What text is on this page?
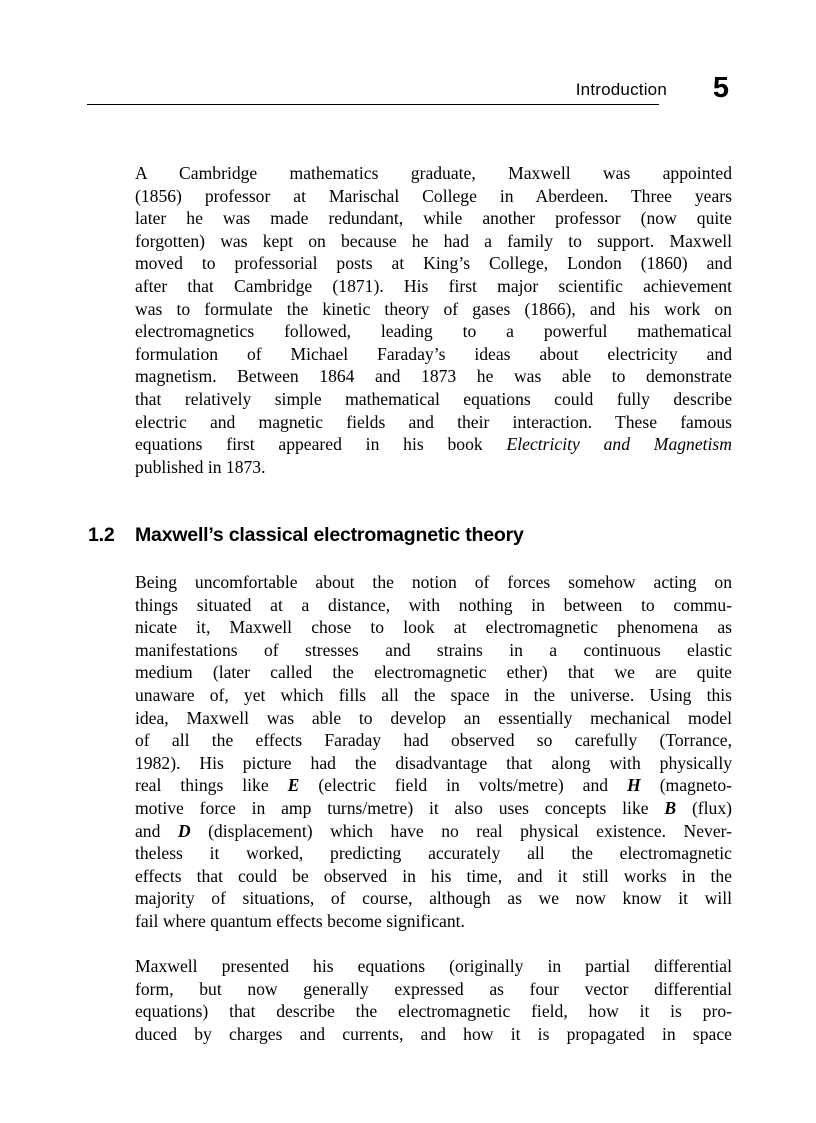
Introduction 5

A Cambridge mathematics graduate, Maxwell was appointed
(1856) professor at Marischal College in Aberdeen. Three years
later he was made redundant, while another professor (now quite
forgotten) was kept on because he had a family to support. Maxwell
moved to professorial posts at King’s College, London (1860) and
after that Cambridge (1871). His first major scientific achievement
was to formulate the kinetic theory of gases (1866), and his work on
electromagnetics followed, leading to a powerful mathematical
formulation of Michael Faraday’s ideas about electricity and
magnetism. Between 1864 and 1873 he was able to demonstrate
that relatively simple mathematical equations could fully describe
electric and magnetic fields and their interaction. These famous
equations first appeared in his book Electricity and Magnetism
published in 1873.

1.2 Maxwell’s classical electromagnetic theory

Being uncomfortable about the notion of forces somehow acting on
things situated at a distance, with nothing in between to commu-
nicate it, Maxwell chose to look at electromagnetic phenomena as
manifestations of stresses and strains in a continuous elastic
medium (later called the electromagnetic ether) that we are quite
unaware of, yet which fills all the space in the universe. Using this
idea, Maxwell was able to develop an essentially mechanical model
of all the effects Faraday had observed so carefully (Torrance,
1982). His picture had the disadvantage that along with physically
real things like E (electric field in volts/metre) and H (magneto-
motive force in amp turns/metre) it also uses concepts like B (flux)
and D (displacement) which have no real physical existence. Never-
theless it worked, predicting accurately all the electromagnetic
effects that could be observed in his time, and it still works in the
majority of situations, of course, although as we now know it will
fail where quantum effects become significant.

Maxwell presented his equations (originally in partial differential
form, but now generally expressed as four vector differential
equations) that describe the electromagnetic field, how it is pro-
duced by charges and currents, and how it is propagated in space
